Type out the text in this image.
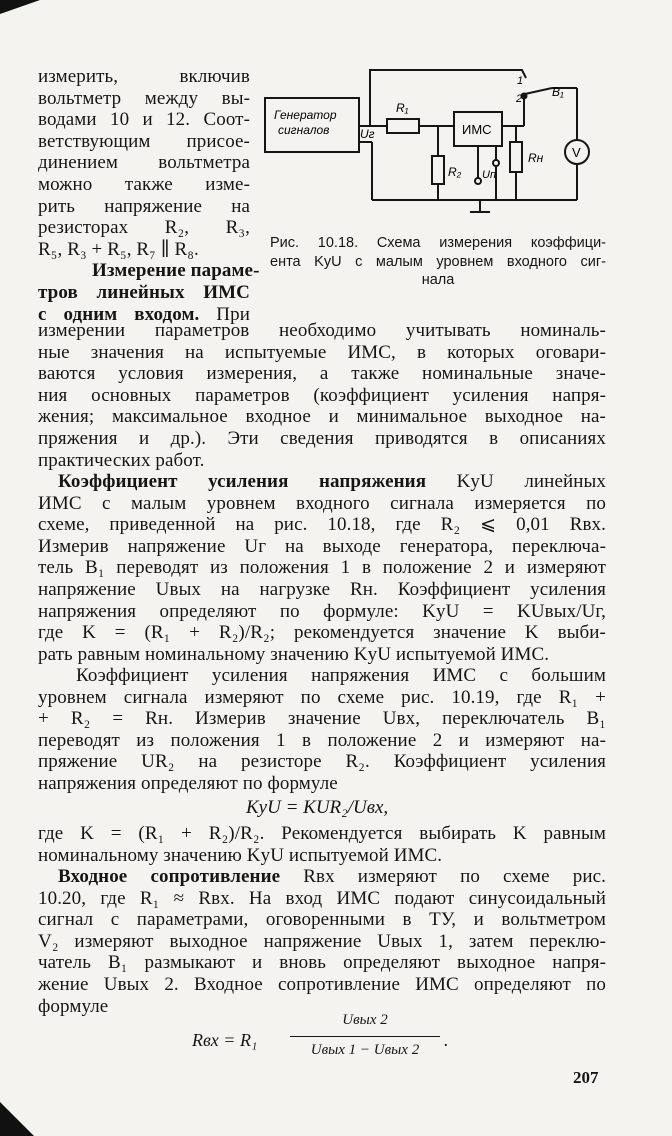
измерить, включив
вольтметр между вы-
водами 10 и 12. Соот-
ветствующим присое-
динением вольтметра
можно также изме-
рить напряжение на
резисторах R₂, R₃,
R₅, R₃ + R₅, R₇ ∥ R₈.
Измерение параме-
тров линейных ИМС
с одним входом. При
Генератор
сигналов	ИМС
R₁
R₂
Rн
Uг
Uп
B₁
1
2
V
Рис. 10.18. Схема измерения коэффици-
ента KyU с малым уровнем входного сиг-
нала
измерении параметров необходимо учитывать номиналь-
ные значения на испытуемые ИМС, в которых оговари-
ваются условия измерения, а также номинальные значе-
ния основных параметров (коэффициент усиления напря-
жения; максимальное входное и минимальное выходное на-
пряжения и др.). Эти сведения приводятся в описаниях
практических работ.
Коэффициент усиления напряжения KyU линейных
ИМС с малым уровнем входного сигнала измеряется по
схеме, приведенной на рис. 10.18, где R₂ ⩽ 0,01 Rвх.
Измерив напряжение Uг на выходе генератора, переключа-
тель B₁ переводят из положения 1 в положение 2 и измеряют
напряжение Uвых на нагрузке Rн. Коэффициент усиления
напряжения определяют по формуле: KyU = KUвых/Uг,
где K = (R₁ + R₂)/R₂; рекомендуется значение K выби-
рать равным номинальному значению KyU испытуемой ИМС.
Коэффициент усиления напряжения ИМС с большим
уровнем сигнала измеряют по схеме рис. 10.19, где R₁ +
+ R₂ = Rн. Измерив значение Uвх, переключатель B₁
переводят из положения 1 в положение 2 и измеряют на-
пряжение UR₂ на резисторе R₂. Коэффициент усиления
напряжения определяют по формуле
KyU = KUR₂/Uвх,
где K = (R₁ + R₂)/R₂. Рекомендуется выбирать K равным
номинальному значению KyU испытуемой ИМС.
Входное сопротивление Rвх измеряют по схеме рис.
10.20, где R₁ ≈ Rвх. На вход ИМС подают синусоидальный
сигнал с параметрами, оговоренными в ТУ, и вольтметром
V₂ измеряют выходное напряжение Uвых 1, затем переклю-
чатель B₁ размыкают и вновь определяют выходное напря-
жение Uвых 2. Входное сопротивление ИМС определяют по
формуле
Rвх = R₁
Uвых 2
Uвых 1 − Uвых 2	.
207
